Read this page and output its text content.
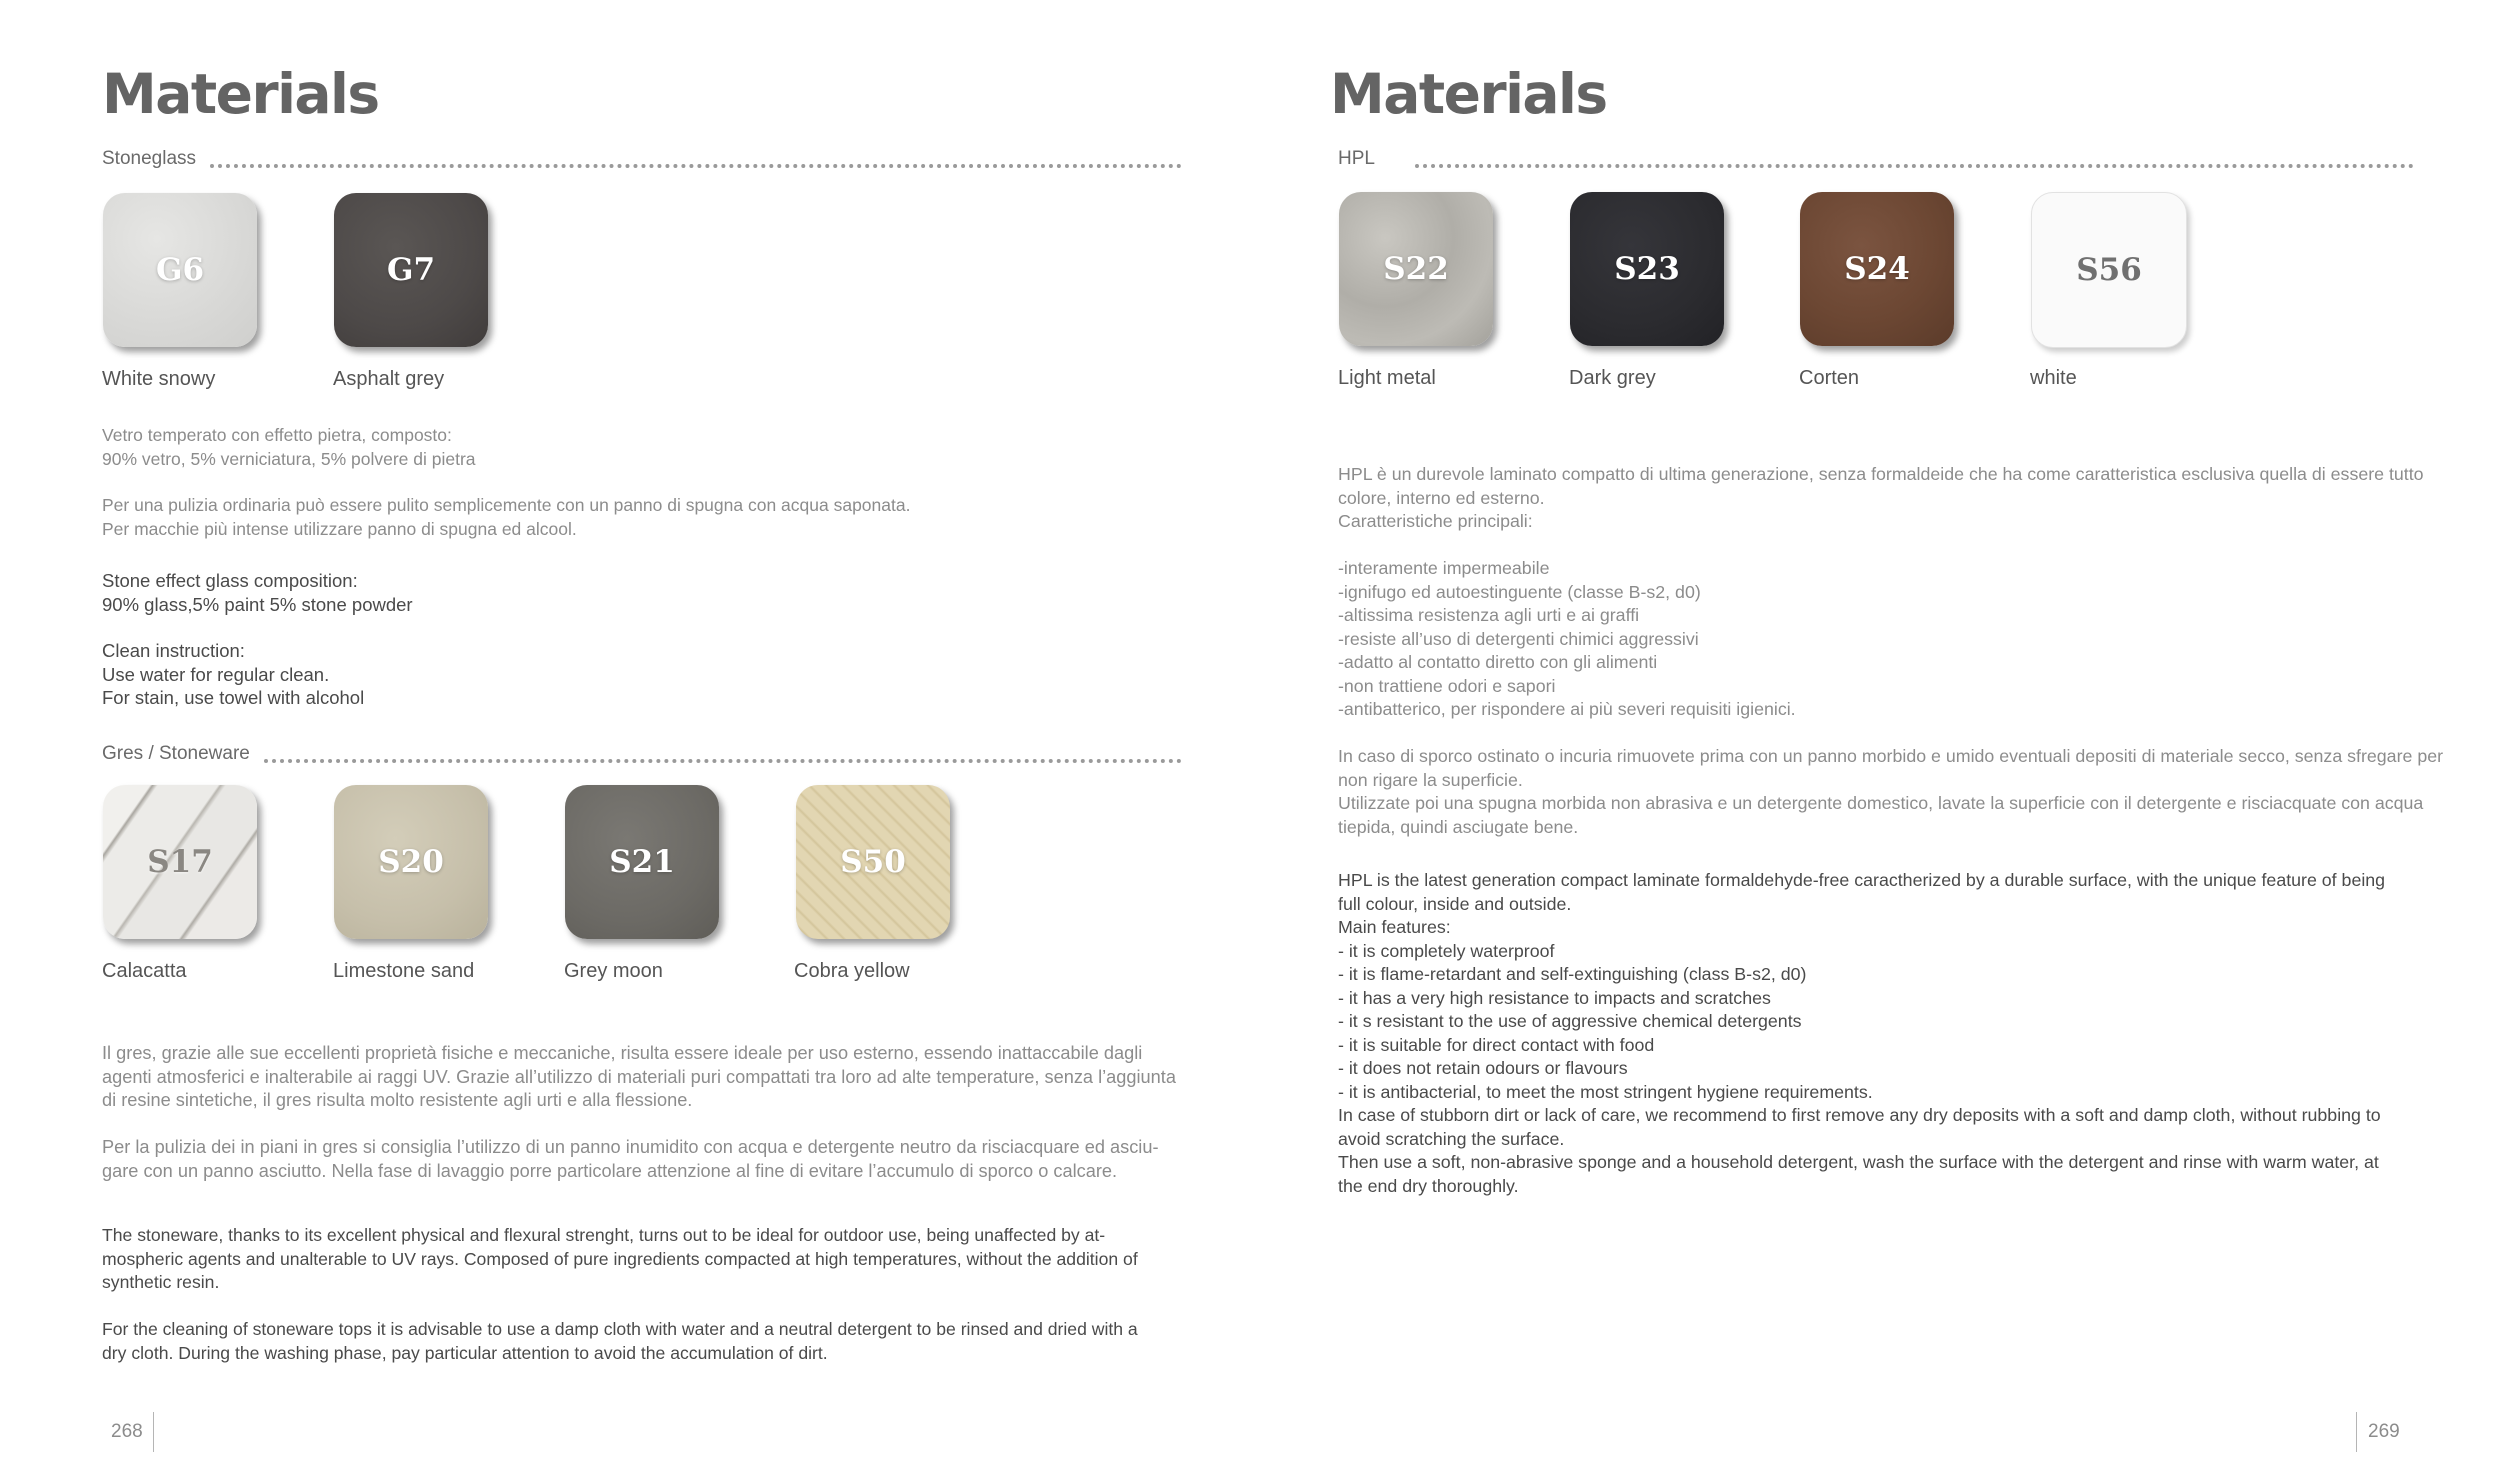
Materials
Stoneglass
G6	G7
White snowy	Asphalt grey

Vetro temperato con effetto pietra, composto:
90% vetro, 5% verniciatura, 5% polvere di pietra

Per una pulizia ordinaria può essere pulito semplicemente con un panno di spugna con acqua saponata.
Per macchie più intense utilizzare panno di spugna ed alcool.

Stone effect glass composition:
90% glass,5% paint 5% stone powder

Clean instruction:
Use water for regular clean.
For stain, use towel with alcohol

Gres / Stoneware
S17	S20	S21	S50
Calacatta	Limestone sand	Grey moon	Cobra yellow

Il gres, grazie alle sue eccellenti proprietà fisiche e meccaniche, risulta essere ideale per uso esterno, essendo inattaccabile dagli
agenti atmosferici e inalterabile ai raggi UV. Grazie all’utilizzo di materiali puri compattati tra loro ad alte temperature, senza l’aggiunta
di resine sintetiche, il gres risulta molto resistente agli urti e alla flessione.

Per la pulizia dei in piani in gres si consiglia l’utilizzo di un panno inumidito con acqua e detergente neutro da risciacquare ed asciu-
gare con un panno asciutto. Nella fase di lavaggio porre particolare attenzione al fine di evitare l’accumulo di sporco o calcare.

The stoneware, thanks to its excellent physical and flexural strenght, turns out to be ideal for outdoor use, being unaffected by at-
mospheric agents and unalterable to UV rays. Composed of pure ingredients compacted at high temperatures, without the addition of
synthetic resin.

For the cleaning of stoneware tops it is advisable to use a damp cloth with water and a neutral detergent to be rinsed and dried with a
dry cloth. During the washing phase, pay particular attention to avoid the accumulation of dirt.

268
Materials
HPL
S22	S23	S24	S56
Light metal	Dark grey	Corten	white

HPL è un durevole laminato compatto di ultima generazione, senza formaldeide che ha come caratteristica esclusiva quella di essere tutto
colore, interno ed esterno.
Caratteristiche principali:
-interamente impermeabile
-ignifugo ed autoestinguente (classe B-s2, d0)
-altissima resistenza agli urti e ai graffi
-resiste all’uso di detergenti chimici aggressivi
-adatto al contatto diretto con gli alimenti
-non trattiene odori e sapori
-antibatterico, per rispondere ai più severi requisiti igienici.
In caso di sporco ostinato o incuria rimuovete prima con un panno morbido e umido eventuali depositi di materiale secco, senza sfregare per
non rigare la superficie.
Utilizzate poi una spugna morbida non abrasiva e un detergente domestico, lavate la superficie con il detergente e risciacquate con acqua
tiepida, quindi asciugate bene.

HPL is the latest generation compact laminate formaldehyde-free caractherized by a durable surface, with the unique feature of being
full colour, inside and outside.
Main features:
- it is completely waterproof
- it is flame-retardant and self-extinguishing (class B-s2, d0)
- it has a very high resistance to impacts and scratches
- it s resistant to the use of aggressive chemical detergents
- it is suitable for direct contact with food
- it does not retain odours or flavours
- it is antibacterial, to meet the most stringent hygiene requirements.
In case of stubborn dirt or lack of care, we recommend to first remove any dry deposits with a soft and damp cloth, without rubbing to
avoid scratching the surface.
Then use a soft, non-abrasive sponge and a household detergent, wash the surface with the detergent and rinse with warm water, at
the end dry thoroughly.

269
